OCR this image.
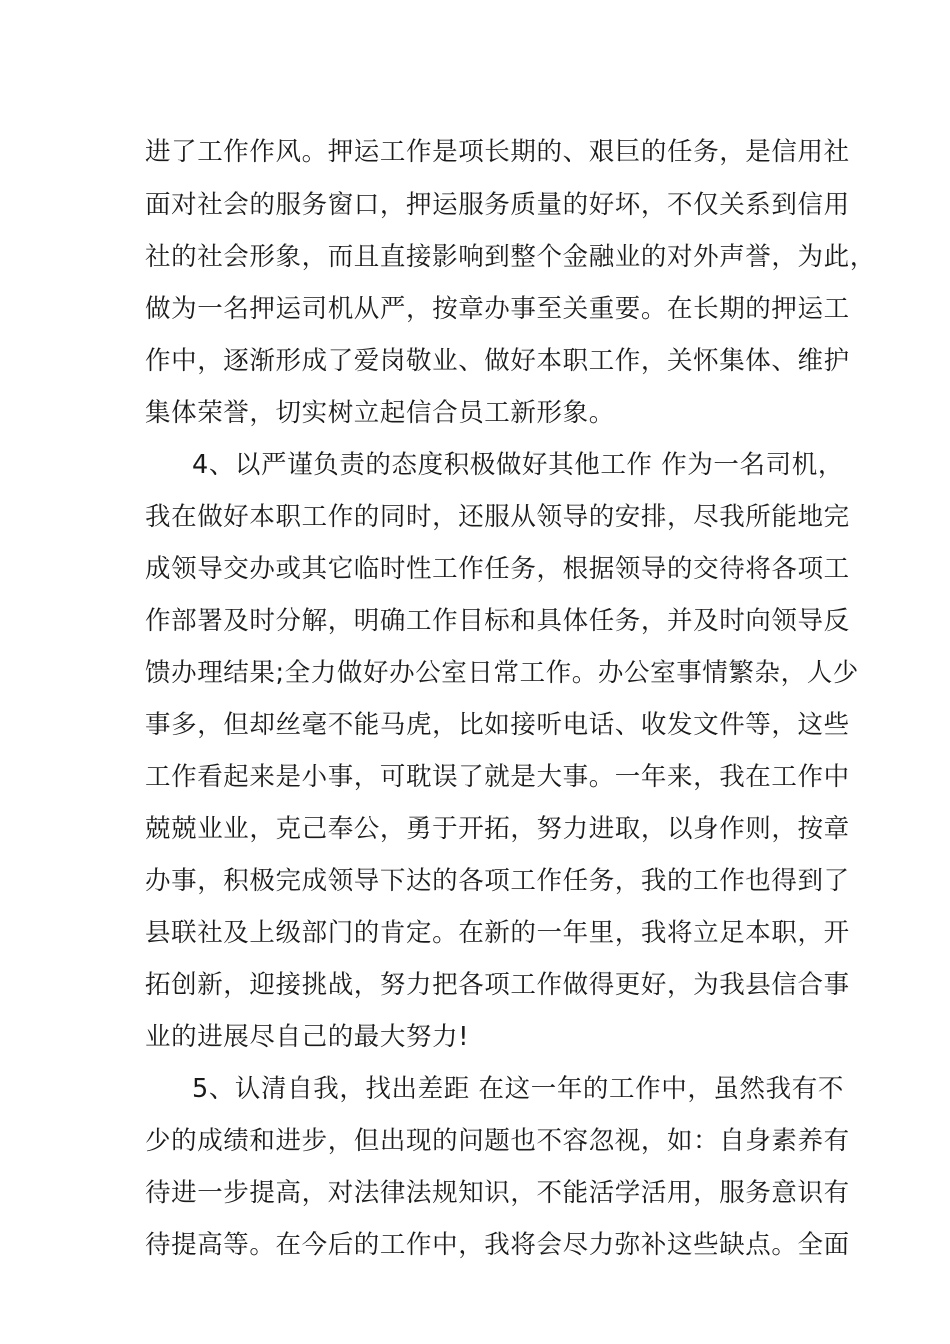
进了工作作风。押运工作是项长期的、艰巨的任务，是信用社
面对社会的服务窗口，押运服务质量的好坏，不仅关系到信用
社的社会形象，而且直接影响到整个金融业的对外声誉，为此，
做为一名押运司机从严，按章办事至关重要。在长期的押运工
作中，逐渐形成了爱岗敬业、做好本职工作，关怀集体、维护
集体荣誉，切实树立起信合员工新形象。
4、以严谨负责的态度积极做好其他工作 作为一名司机，
我在做好本职工作的同时，还服从领导的安排，尽我所能地完
成领导交办或其它临时性工作任务，根据领导的交待将各项工
作部署及时分解，明确工作目标和具体任务，并及时向领导反
馈办理结果;全力做好办公室日常工作。办公室事情繁杂，人少
事多，但却丝毫不能马虎，比如接听电话、收发文件等，这些
工作看起来是小事，可耽误了就是大事。一年来，我在工作中
兢兢业业，克己奉公，勇于开拓，努力进取，以身作则，按章
办事，积极完成领导下达的各项工作任务，我的工作也得到了
县联社及上级部门的肯定。在新的一年里，我将立足本职，开
拓创新，迎接挑战，努力把各项工作做得更好，为我县信合事
业的进展尽自己的最大努力!
5、认清自我，找出差距 在这一年的工作中，虽然我有不
少的成绩和进步，但出现的问题也不容忽视，如：自身素养有
待进一步提高，对法律法规知识，不能活学活用，服务意识有
待提高等。在今后的工作中，我将会尽力弥补这些缺点。全面
